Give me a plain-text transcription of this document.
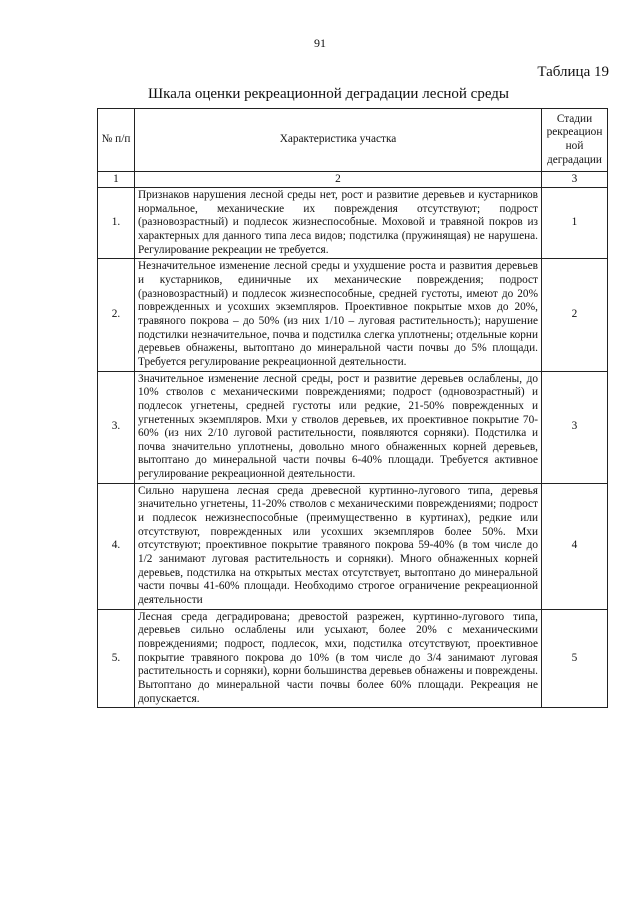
91
Таблица 19
Шкала оценки рекреационной деградации лесной среды
№ п/п	Характеристика участка	Стадии рекреацион ной деградации
1	2	3
1.	Признаков нарушения лесной среды нет, рост и развитие деревьев и кустарников нормальное, механические их повреждения отсутствуют; подрост (разновозрастный) и подлесок жизнеспособные. Моховой и травяной покров из характерных для данного типа леса видов; подстилка (пружинящая) не нарушена. Регулирование рекреации не требуется.	1
2.	Незначительное изменение лесной среды и ухудшение роста и развития деревьев и кустарников, единичные их механические повреждения; подрост (разновозрастный) и подлесок жизнеспособные, средней густоты, имеют до 20% поврежденных и усохших экземпляров. Проективное покрытые мхов до 20%, травяного покрова – до 50% (из них 1/10 – луговая растительность); нарушение подстилки незначительное, почва и подстилка слегка уплотнены; отдельные корни деревьев обнажены, вытоптано до минеральной части почвы до 5% площади. Требуется регулирование рекреационной деятельности.	2
3.	Значительное изменение лесной среды, рост и развитие деревьев ослаблены, до 10% стволов с механическими повреждениями; подрост (одновозрастный) и подлесок угнетены, средней густоты или редкие, 21-50% поврежденных и угнетенных экземпляров. Мхи у стволов деревьев, их проективное покрытие 70-60% (из них 2/10 луговой растительности, появляются сорняки). Подстилка и почва значительно уплотнены, довольно много обнаженных корней деревьев, вытоптано до минеральной части почвы 6-40% площади. Требуется активное регулирование рекреационной деятельности.	3
4.	Сильно нарушена лесная среда древесной куртинно-лугового типа, деревья значительно угнетены, 11-20% стволов с механическими повреждениями; подрост и подлесок нежизнеспособные (преимущественно в куртинах), редкие или отсутствуют, поврежденных или усохших экземпляров более 50%. Мхи отсутствуют; проективное покрытие травяного покрова 59-40% (в том числе до 1/2 занимают луговая растительность и сорняки). Много обнаженных корней деревьев, подстилка на открытых местах отсутствует, вытоптано до минеральной части почвы 41-60% площади. Необходимо строгое ограничение рекреационной деятельности	4
5.	Лесная среда деградирована; древостой разрежен, куртинно-лугового типа, деревьев сильно ослаблены или усыхают, более 20% с механическими повреждениями; подрост, подлесок, мхи, подстилка отсутствуют, проективное покрытие травяного покрова до 10% (в том числе до 3/4 занимают луговая растительность и сорняки), корни большинства деревьев обнажены и повреждены. Вытоптано до минеральной части почвы более 60% площади. Рекреация не допускается.	5
